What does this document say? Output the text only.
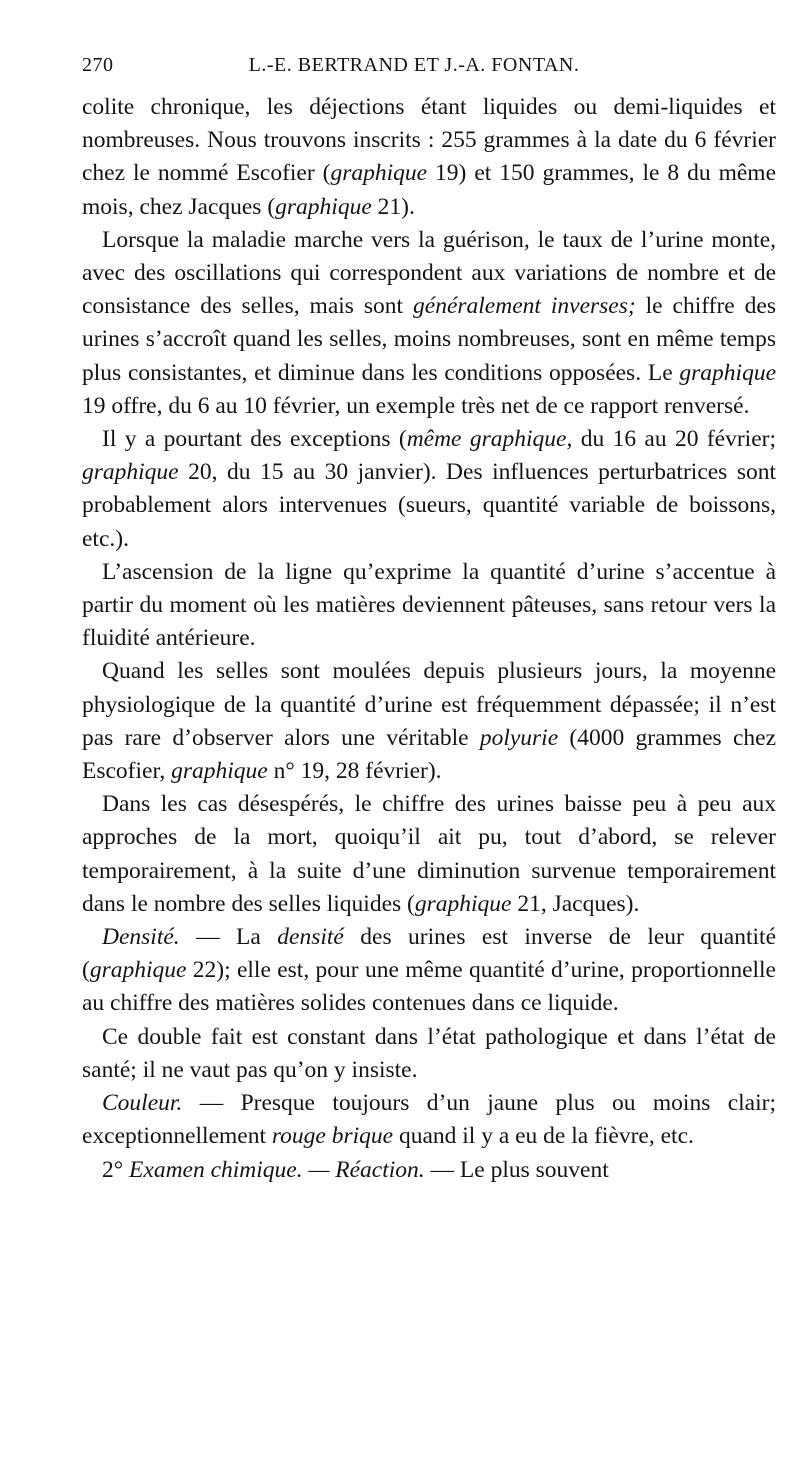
270	L.-E. BERTRAND ET J.-A. FONTAN.

colite chronique, les déjections étant liquides ou demi-liquides et nombreuses. Nous trouvons inscrits : 255 grammes à la date du 6 février chez le nommé Escofier (graphique 19) et 150 grammes, le 8 du même mois, chez Jacques (graphique 21).

Lorsque la maladie marche vers la guérison, le taux de l’urine monte, avec des oscillations qui correspondent aux variations de nombre et de consistance des selles, mais sont généralement inverses; le chiffre des urines s’accroît quand les selles, moins nombreuses, sont en même temps plus consistantes, et diminue dans les conditions opposées. Le graphique 19 offre, du 6 au 10 février, un exemple très net de ce rapport renversé.

Il y a pourtant des exceptions (même graphique, du 16 au 20 février; graphique 20, du 15 au 30 janvier). Des influences perturbatrices sont probablement alors intervenues (sueurs, quantité variable de boissons, etc.).

L’ascension de la ligne qu’exprime la quantité d’urine s’accentue à partir du moment où les matières deviennent pâteuses, sans retour vers la fluidité antérieure.

Quand les selles sont moulées depuis plusieurs jours, la moyenne physiologique de la quantité d’urine est fréquemment dépassée; il n’est pas rare d’observer alors une véritable polyurie (4000 grammes chez Escofier, graphique n° 19, 28 février).

Dans les cas désespérés, le chiffre des urines baisse peu à peu aux approches de la mort, quoiqu’il ait pu, tout d’abord, se relever temporairement, à la suite d’une diminution survenue temporairement dans le nombre des selles liquides (graphique 21, Jacques).

Densité. — La densité des urines est inverse de leur quantité (graphique 22); elle est, pour une même quantité d’urine, proportionnelle au chiffre des matières solides contenues dans ce liquide.

Ce double fait est constant dans l’état pathologique et dans l’état de santé; il ne vaut pas qu’on y insiste.

Couleur. — Presque toujours d’un jaune plus ou moins clair; exceptionnellement rouge brique quand il y a eu de la fièvre, etc.

2° Examen chimique. — Réaction. — Le plus souvent
